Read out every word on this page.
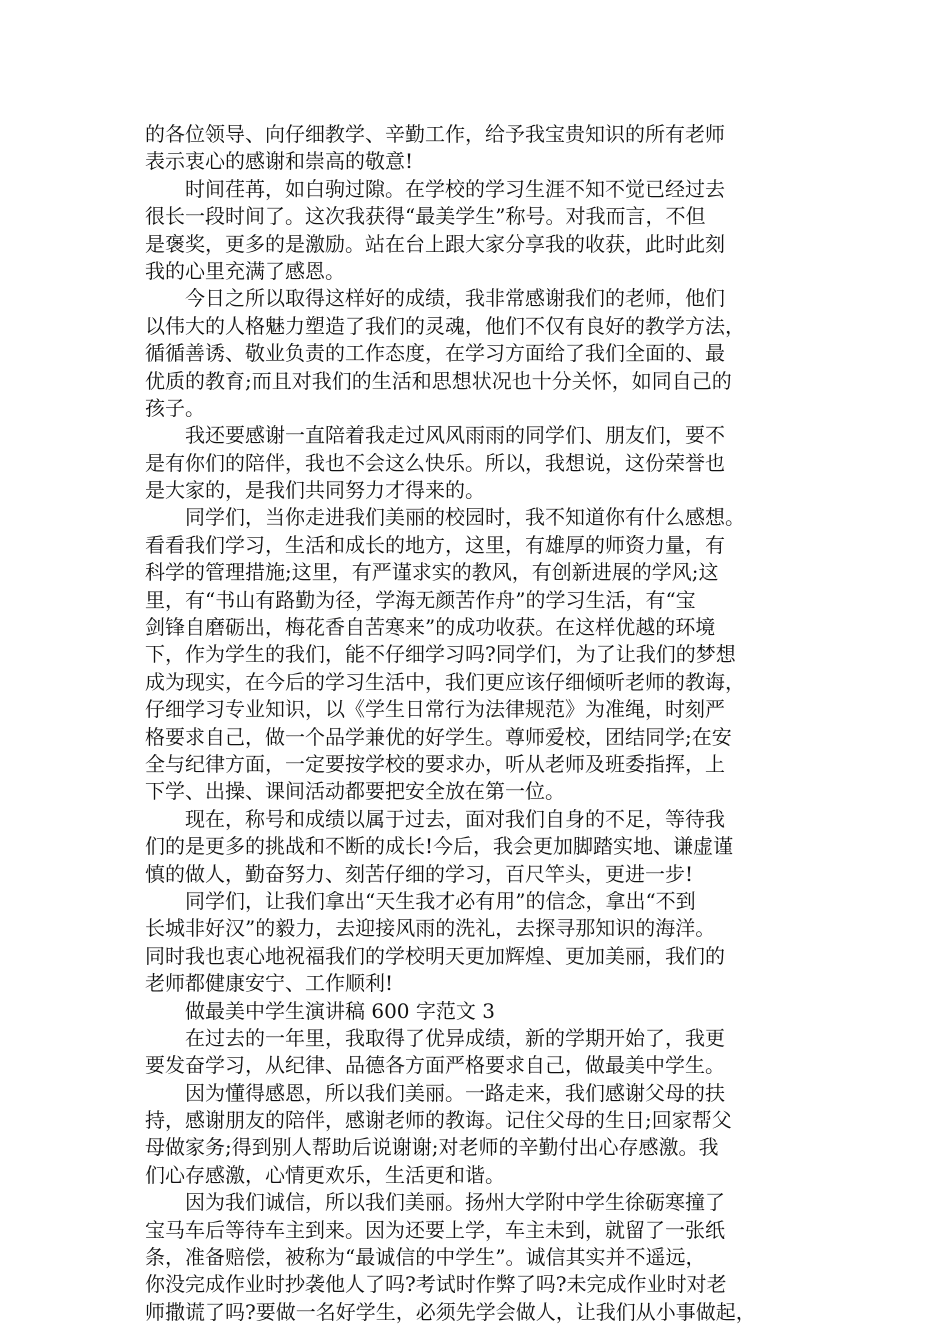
的各位领导、向仔细教学、辛勤工作，给予我宝贵知识的所有老师
表示衷心的感谢和崇高的敬意!
　　时间荏苒，如白驹过隙。在学校的学习生涯不知不觉已经过去
很长一段时间了。这次我获得“最美学生”称号。对我而言，不但
是褒奖，更多的是激励。站在台上跟大家分享我的收获，此时此刻
我的心里充满了感恩。
　　今日之所以取得这样好的成绩，我非常感谢我们的老师，他们
以伟大的人格魅力塑造了我们的灵魂，他们不仅有良好的教学方法，
循循善诱、敬业负责的工作态度，在学习方面给了我们全面的、最
优质的教育;而且对我们的生活和思想状况也十分关怀，如同自己的
孩子。
　　我还要感谢一直陪着我走过风风雨雨的同学们、朋友们，要不
是有你们的陪伴，我也不会这么快乐。所以，我想说，这份荣誉也
是大家的，是我们共同努力才得来的。
　　同学们，当你走进我们美丽的校园时，我不知道你有什么感想。
看看我们学习，生活和成长的地方，这里，有雄厚的师资力量，有
科学的管理措施;这里，有严谨求实的教风，有创新进展的学风;这
里，有“书山有路勤为径，学海无颜苦作舟”的学习生活，有“宝
剑锋自磨砺出，梅花香自苦寒来”的成功收获。在这样优越的环境
下，作为学生的我们，能不仔细学习吗?同学们，为了让我们的梦想
成为现实，在今后的学习生活中，我们更应该仔细倾听老师的教诲，
仔细学习专业知识，以《学生日常行为法律规范》为准绳，时刻严
格要求自己，做一个品学兼优的好学生。尊师爱校，团结同学;在安
全与纪律方面，一定要按学校的要求办，听从老师及班委指挥，上
下学、出操、课间活动都要把安全放在第一位。
　　现在，称号和成绩以属于过去，面对我们自身的不足，等待我
们的是更多的挑战和不断的成长!今后，我会更加脚踏实地、谦虚谨
慎的做人，勤奋努力、刻苦仔细的学习，百尺竿头，更进一步!
　　同学们，让我们拿出“天生我才必有用”的信念，拿出“不到
长城非好汉”的毅力，去迎接风雨的洗礼，去探寻那知识的海洋。
同时我也衷心地祝福我们的学校明天更加辉煌、更加美丽，我们的
老师都健康安宁、工作顺利!
　　做最美中学生演讲稿 600 字范文 3
　　在过去的一年里，我取得了优异成绩，新的学期开始了，我更
要发奋学习，从纪律、品德各方面严格要求自己，做最美中学生。
　　因为懂得感恩，所以我们美丽。一路走来，我们感谢父母的扶
持，感谢朋友的陪伴，感谢老师的教诲。记住父母的生日;回家帮父
母做家务;得到别人帮助后说谢谢;对老师的辛勤付出心存感激。我
们心存感激，心情更欢乐，生活更和谐。
　　因为我们诚信，所以我们美丽。扬州大学附中学生徐砺寒撞了
宝马车后等待车主到来。因为还要上学，车主未到，就留了一张纸
条，准备赔偿，被称为“最诚信的中学生”。诚信其实并不遥远，
你没完成作业时抄袭他人了吗?考试时作弊了吗?未完成作业时对老
师撒谎了吗?要做一名好学生，必须先学会做人，让我们从小事做起，
